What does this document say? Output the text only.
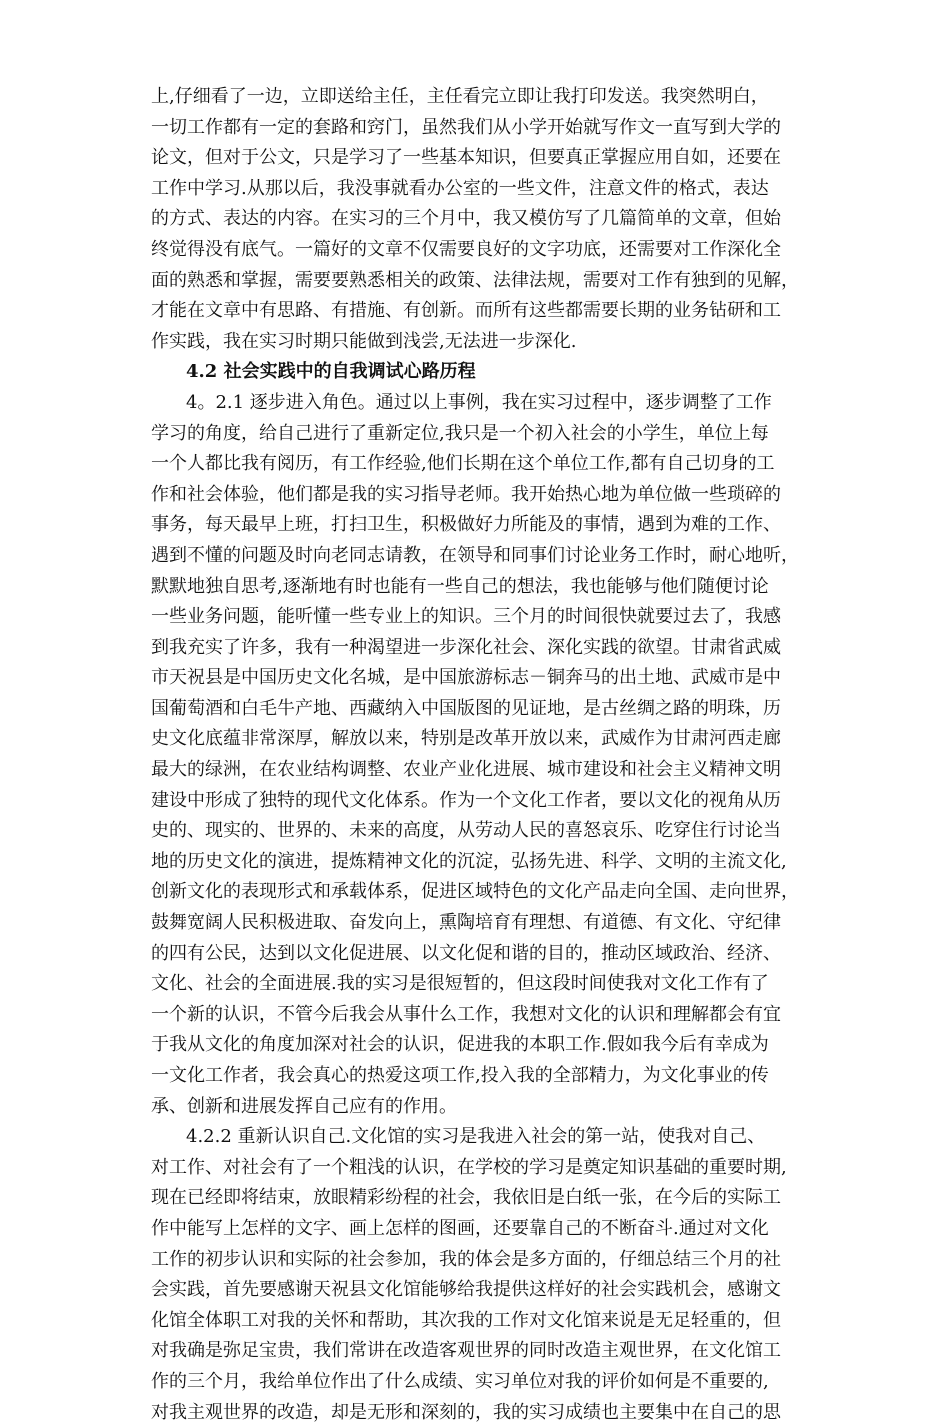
上,仔细看了一边，立即送给主任，主任看完立即让我打印发送。我突然明白，
一切工作都有一定的套路和窍门，虽然我们从小学开始就写作文一直写到大学的
论文，但对于公文，只是学习了一些基本知识，但要真正掌握应用自如，还要在
工作中学习.从那以后，我没事就看办公室的一些文件，注意文件的格式，表达
的方式、表达的内容。在实习的三个月中，我又模仿写了几篇简单的文章，但始
终觉得没有底气。一篇好的文章不仅需要良好的文字功底，还需要对工作深化全
面的熟悉和掌握，需要要熟悉相关的政策、法律法规，需要对工作有独到的见解，
才能在文章中有思路、有措施、有创新。而所有这些都需要长期的业务钻研和工
作实践，我在实习时期只能做到浅尝,无法进一步深化.
4.2 社会实践中的自我调试心路历程
4。2.1 逐步进入角色。通过以上事例，我在实习过程中，逐步调整了工作
学习的角度，给自己进行了重新定位,我只是一个初入社会的小学生，单位上每
一个人都比我有阅历，有工作经验,他们长期在这个单位工作,都有自己切身的工
作和社会体验，他们都是我的实习指导老师。我开始热心地为单位做一些琐碎的
事务，每天最早上班，打扫卫生，积极做好力所能及的事情，遇到为难的工作、
遇到不懂的问题及时向老同志请教，在领导和同事们讨论业务工作时，耐心地听，
默默地独自思考,逐渐地有时也能有一些自己的想法，我也能够与他们随便讨论
一些业务问题，能听懂一些专业上的知识。三个月的时间很快就要过去了，我感
到我充实了许多，我有一种渴望进一步深化社会、深化实践的欲望。甘肃省武威
市天祝县是中国历史文化名城，是中国旅游标志－铜奔马的出土地、武威市是中
国葡萄酒和白毛牛产地、西藏纳入中国版图的见证地，是古丝绸之路的明珠，历
史文化底蕴非常深厚，解放以来，特别是改革开放以来，武威作为甘肃河西走廊
最大的绿洲，在农业结构调整、农业产业化进展、城市建设和社会主义精神文明
建设中形成了独特的现代文化体系。作为一个文化工作者，要以文化的视角从历
史的、现实的、世界的、未来的高度，从劳动人民的喜怒哀乐、吃穿住行讨论当
地的历史文化的演进，提炼精神文化的沉淀，弘扬先进、科学、文明的主流文化,
创新文化的表现形式和承载体系，促进区域特色的文化产品走向全国、走向世界，
鼓舞宽阔人民积极进取、奋发向上，熏陶培育有理想、有道德、有文化、守纪律
的四有公民，达到以文化促进展、以文化促和谐的目的，推动区域政治、经济、
文化、社会的全面进展.我的实习是很短暂的，但这段时间使我对文化工作有了
一个新的认识，不管今后我会从事什么工作，我想对文化的认识和理解都会有宜
于我从文化的角度加深对社会的认识，促进我的本职工作.假如我今后有幸成为
一文化工作者，我会真心的热爱这项工作,投入我的全部精力，为文化事业的传
承、创新和进展发挥自己应有的作用。
4.2.2 重新认识自己.文化馆的实习是我进入社会的第一站，使我对自己、
对工作、对社会有了一个粗浅的认识，在学校的学习是奠定知识基础的重要时期,
现在已经即将结束，放眼精彩纷程的社会，我依旧是白纸一张，在今后的实际工
作中能写上怎样的文字、画上怎样的图画，还要靠自己的不断奋斗.通过对文化
工作的初步认识和实际的社会参加，我的体会是多方面的，仔细总结三个月的社
会实践，首先要感谢天祝县文化馆能够给我提供这样好的社会实践机会，感谢文
化馆全体职工对我的关怀和帮助，其次我的工作对文化馆来说是无足轻重的，但
对我确是弥足宝贵，我们常讲在改造客观世界的同时改造主观世界，在文化馆工
作的三个月，我给单位作出了什么成绩、实习单位对我的评价如何是不重要的,
对我主观世界的改造，却是无形和深刻的，我的实习成绩也主要集中在自己的思
